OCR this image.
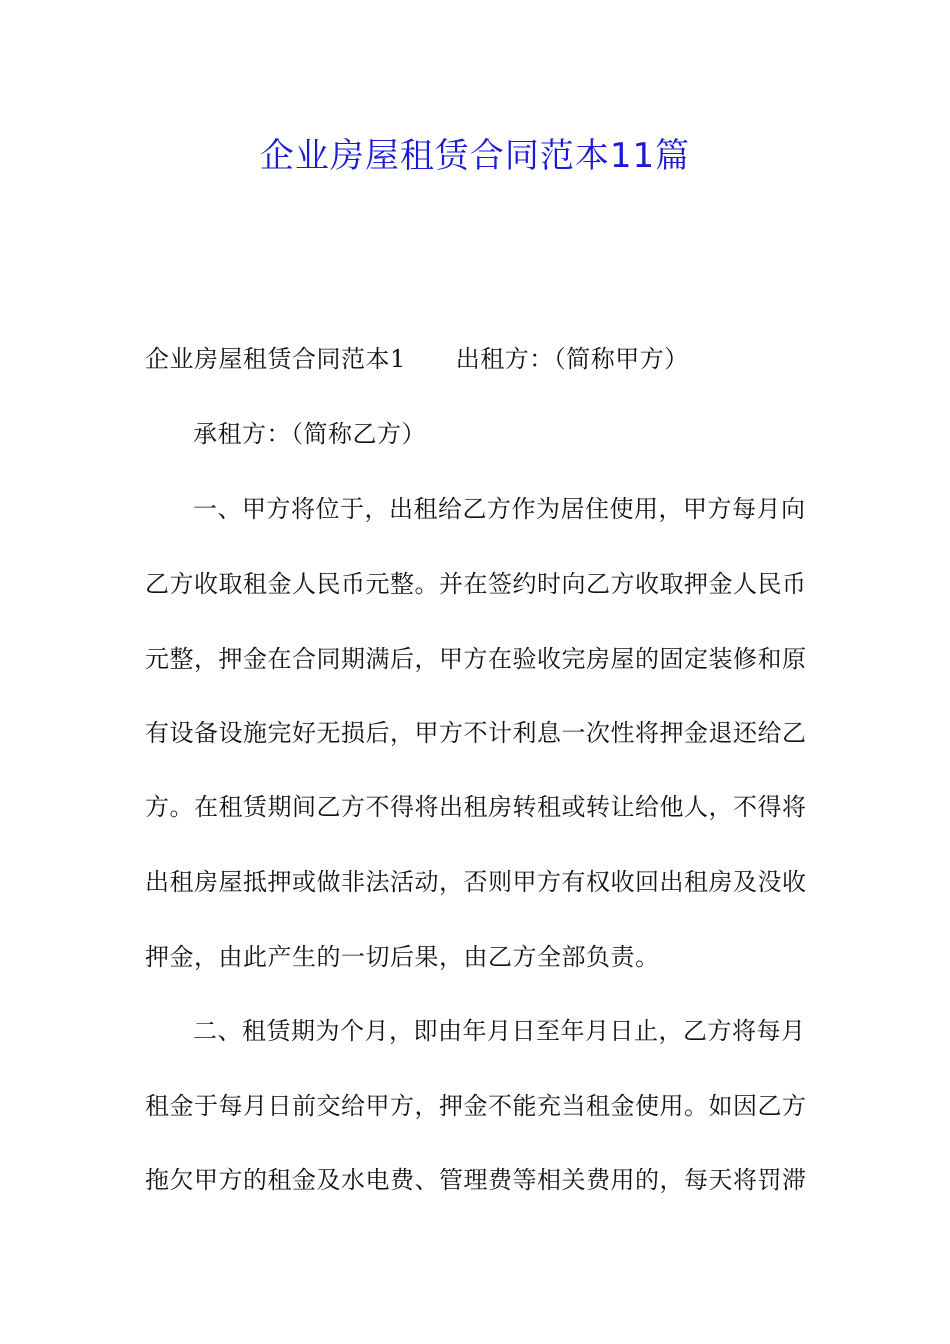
企业房屋租赁合同范本11篇
企业房屋租赁合同范本1 出租方：（简称甲方）
承租方：（简称乙方）
一、甲方将位于，出租给乙方作为居住使用，甲方每月向
乙方收取租金人民币元整。并在签约时向乙方收取押金人民币
元整，押金在合同期满后，甲方在验收完房屋的固定装修和原
有设备设施完好无损后，甲方不计利息一次性将押金退还给乙
方。在租赁期间乙方不得将出租房转租或转让给他人，不得将
出租房屋抵押或做非法活动，否则甲方有权收回出租房及没收
押金，由此产生的一切后果，由乙方全部负责。
二、租赁期为个月，即由年月日至年月日止，乙方将每月
租金于每月日前交给甲方，押金不能充当租金使用。如因乙方
拖欠甲方的租金及水电费、管理费等相关费用的，每天将罚滞
